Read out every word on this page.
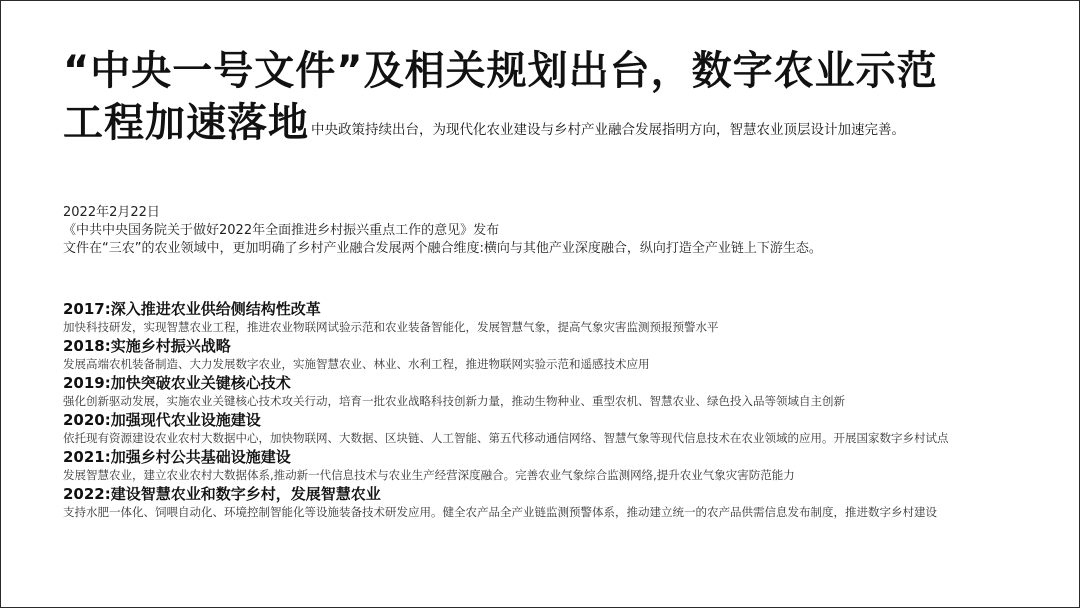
“中央一号文件”及相关规划出台，数字农业示范
工程加速落地 中央政策持续出台，为现代化农业建设与乡村产业融合发展指明方向，智慧农业顶层设计加速完善。
2022年2月22日
《中共中央国务院关于做好2022年全面推进乡村振兴重点工作的意见》发布
文件在“三农”的农业领域中，更加明确了乡村产业融合发展两个融合维度:横向与其他产业深度融合，纵向打造全产业链上下游生态。
2017:深入推进农业供给侧结构性改革
加快科技研发，实现智慧农业工程，推进农业物联网试验示范和农业装备智能化，发展智慧气象，提高气象灾害监测预报预警水平
2018:实施乡村振兴战略
发展高端农机装备制造、大力发展数字农业，实施智慧农业、林业、水利工程，推进物联网实验示范和遥感技术应用
2019:加快突破农业关键核心技术
强化创新驱动发展，实施农业关键核心技术攻关行动，培育一批农业战略科技创新力量，推动生物种业、重型农机、智慧农业、绿色投入品等领域自主创新
2020:加强现代农业设施建设
依托现有资源建设农业农村大数据中心，加快物联网、大数据、区块链、人工智能、第五代移动通信网络、智慧气象等现代信息技术在农业领域的应用。开展国家数字乡村试点
2021:加强乡村公共基础设施建设
发展智慧农业，建立农业农村大数据体系,推动新一代信息技术与农业生产经营深度融合。完善农业气象综合监测网络,提升农业气象灾害防范能力
2022:建设智慧农业和数字乡村，发展智慧农业
支持水肥一体化、饲喂自动化、环境控制智能化等设施装备技术研发应用。健全农产品全产业链监测预警体系，推动建立统一的农产品供需信息发布制度，推进数字乡村建设
